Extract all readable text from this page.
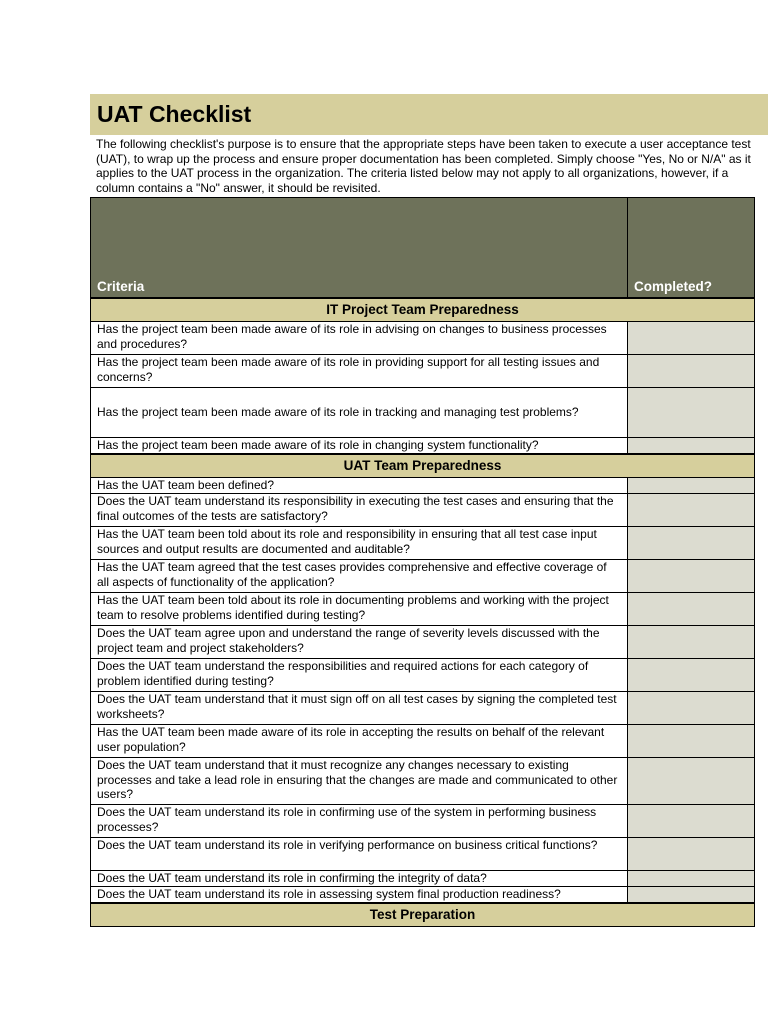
UAT Checklist
The following checklist's purpose is to ensure that the appropriate steps have been taken to execute a user acceptance test (UAT), to wrap up the process and ensure proper documentation has been completed. Simply choose "Yes, No or N/A" as it applies to the UAT process in the organization. The criteria listed below may not apply to all organizations, however, if a column contains a "No" answer, it should be revisited.
Criteria	Completed?
IT Project Team Preparedness	
Has the project team been made aware of its role in advising on changes to business processes and procedures?	
Has the project team been made aware of its role in providing support for all testing issues and concerns?	
Has the project team been made aware of its role in tracking and managing test problems?	
Has the project team been made aware of its role in changing system functionality?	
UAT Team Preparedness	
Has the UAT team been defined?	
Does the UAT team understand its responsibility in executing the test cases and ensuring that the final outcomes of the tests are satisfactory?	
Has the UAT team been told about its role and responsibility in ensuring that all test case input sources and output results are documented and auditable?	
Has the UAT team agreed that the test cases provides comprehensive and effective coverage of all aspects of functionality of the application?	
Has the UAT team been told about its role in documenting problems and working with the project team to resolve problems identified during testing?	
Does the UAT team agree upon and understand the range of severity levels discussed with the project team and project stakeholders?	
Does the UAT team understand the responsibilities and required actions for each category of problem identified during testing?	
Does the UAT team understand that it must sign off on all test cases by signing the completed test worksheets?	
Has the UAT team been made aware of its role in accepting the results on behalf of the relevant user population?	
Does the UAT team understand that it must recognize any changes necessary to existing processes and take a lead role in ensuring that the changes are made and communicated to other users?	
Does the UAT team understand its role in confirming use of the system in performing business processes?	
Does the UAT team understand its role in verifying performance on business critical functions?	
Does the UAT team understand its role in confirming the integrity of data?	
Does the UAT team understand its role in assessing system final production readiness?	
Test Preparation	
